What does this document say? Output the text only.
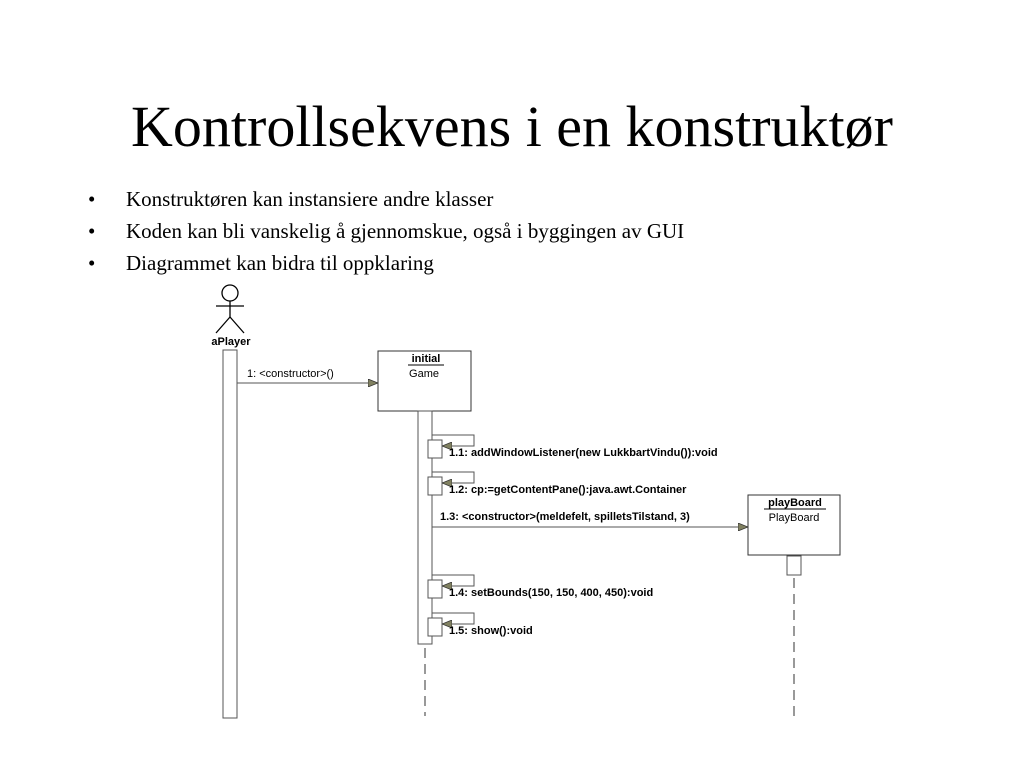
Kontrollsekvens i en konstruktør
• Konstruktøren kan instansiere andre klasser
• Koden kan bli vanskelig å gjennomskue, også i byggingen av GUI
• Diagrammet kan bidra til oppklaring
aPlayer
initial
Game
1: <constructor>()
1.1: addWindowListener(new LukkbartVindu()):void
1.2: cp:=getContentPane():java.awt.Container
1.3: <constructor>(meldefelt, spilletsTilstand, 3)
playBoard
PlayBoard
1.4: setBounds(150, 150, 400, 450):void
1.5: show():void
